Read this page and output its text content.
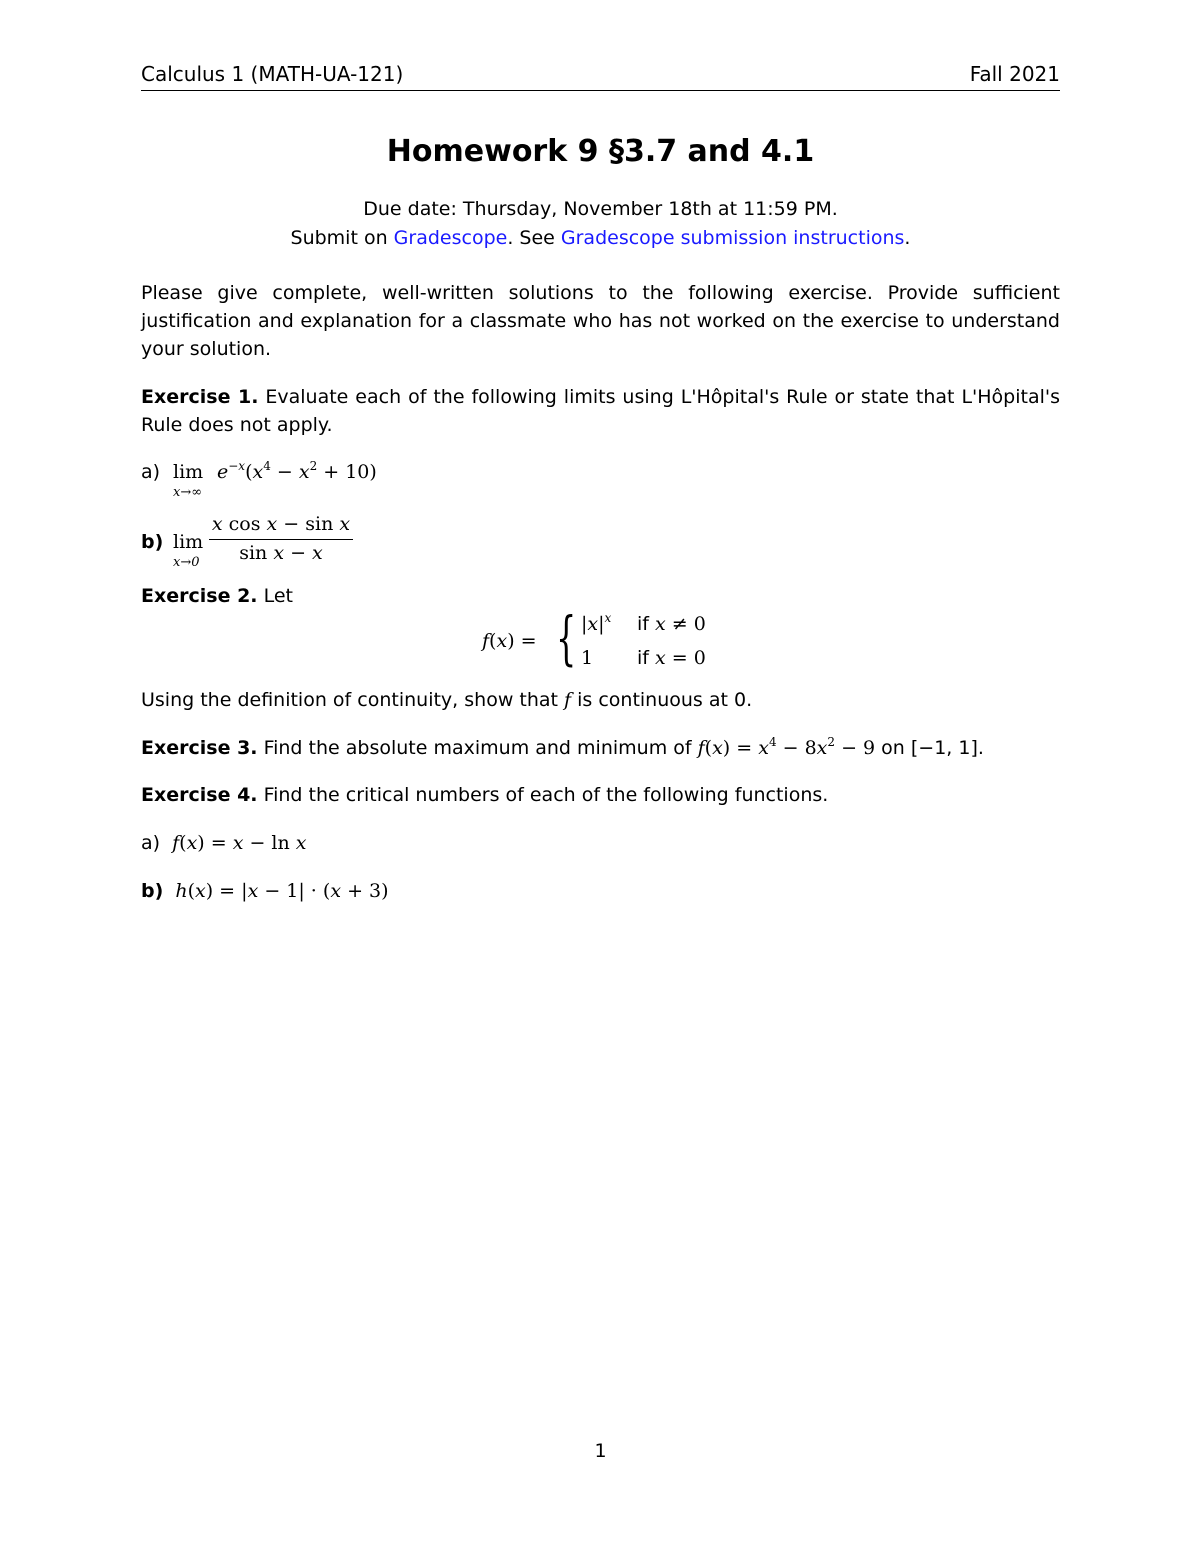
Calculus 1 (MATH-UA-121)	Fall 2021
Homework 9 §3.7 and 4.1
Due date: Thursday, November 18th at 11:59 PM.
Submit on Gradescope. See Gradescope submission instructions.
Please give complete, well-written solutions to the following exercise. Provide sufficient justification and explanation for a classmate who has not worked on the exercise to understand your solution.
Exercise 1. Evaluate each of the following limits using L'Hôpital's Rule or state that L'Hôpital's Rule does not apply.
a) lim
x→∞
$e^{-x}(x^4 - x^2 + 10)$
b) lim
x→0
x cos x − sin x
sin x − x
Exercise 2. Let
f(x) = { $|x|^x$ if x ≠ 0
1 if x = 0
Using the definition of continuity, show that f is continuous at 0.
Exercise 3. Find the absolute maximum and minimum of $f(x) = x^4 - 8x^2 - 9$ on [−1, 1].
Exercise 4. Find the critical numbers of each of the following functions.
a) f(x) = x − ln x
b) h(x) = |x − 1| · (x + 3)
1
